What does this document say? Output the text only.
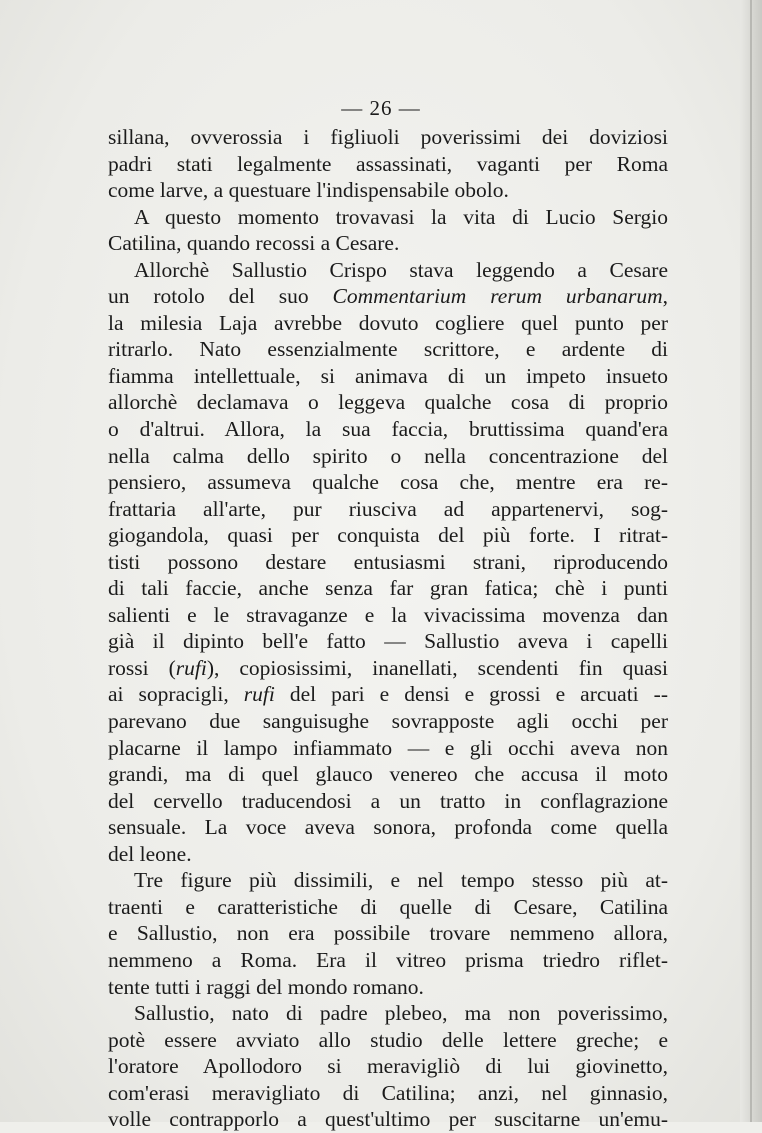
— 26 —
sillana, ovverossia i figliuoli poverissimi dei doviziosi
padri stati legalmente assassinati, vaganti per Roma
come larve, a questuare l'indispensabile obolo.
A questo momento trovavasi la vita di Lucio Sergio
Catilina, quando recossi a Cesare.
Allorchè Sallustio Crispo stava leggendo a Cesare
un rotolo del suo Commentarium rerum urbanarum,
la milesia Laja avrebbe dovuto cogliere quel punto per
ritrarlo. Nato essenzialmente scrittore, e ardente di
fiamma intellettuale, si animava di un impeto insueto
allorchè declamava o leggeva qualche cosa di proprio
o d'altrui. Allora, la sua faccia, bruttissima quand'era
nella calma dello spirito o nella concentrazione del
pensiero, assumeva qualche cosa che, mentre era re-
frattaria all'arte, pur riusciva ad appartenervi, sog-
giogandola, quasi per conquista del più forte. I ritrat-
tisti possono destare entusiasmi strani, riproducendo
di tali faccie, anche senza far gran fatica; chè i punti
salienti e le stravaganze e la vivacissima movenza dan
già il dipinto bell'e fatto — Sallustio aveva i capelli
rossi (rufi), copiosissimi, inanellati, scendenti fin quasi
ai sopracigli, rufi del pari e densi e grossi e arcuati --
parevano due sanguisughe sovrapposte agli occhi per
placarne il lampo infiammato — e gli occhi aveva non
grandi, ma di quel glauco venereo che accusa il moto
del cervello traducendosi a un tratto in conflagrazione
sensuale. La voce aveva sonora, profonda come quella
del leone.
Tre figure più dissimili, e nel tempo stesso più at-
traenti e caratteristiche di quelle di Cesare, Catilina
e Sallustio, non era possibile trovare nemmeno allora,
nemmeno a Roma. Era il vitreo prisma triedro riflet-
tente tutti i raggi del mondo romano.
Sallustio, nato di padre plebeo, ma non poverissimo,
potè essere avviato allo studio delle lettere greche; e
l'oratore Apollodoro si meravigliò di lui giovinetto,
com'erasi meravigliato di Catilina; anzi, nel ginnasio,
volle contrapporlo a quest'ultimo per suscitarne un'emu-
